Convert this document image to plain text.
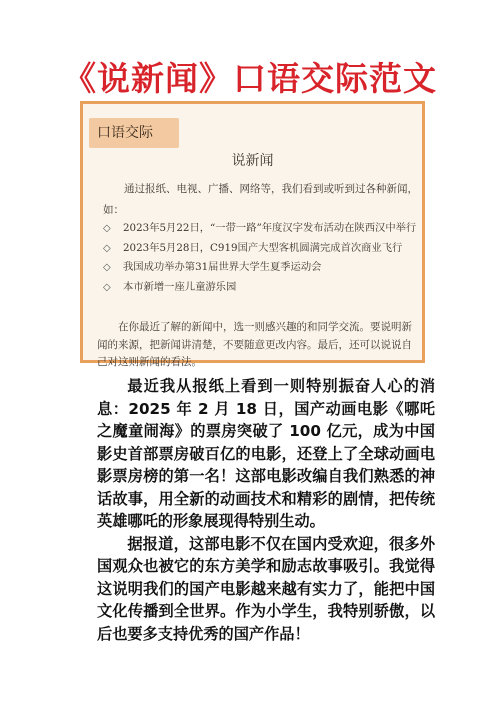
《说新闻》口语交际范文
口语交际
说新闻
通过报纸、电视、广播、网络等，我们看到或听到过各种新闻，如：
◇ 2023年5月22日，“一带一路”年度汉字发布活动在陕西汉中举行
◇ 2023年5月28日，C919国产大型客机圆满完成首次商业飞行
◇ 我国成功举办第31届世界大学生夏季运动会
◇ 本市新增一座儿童游乐园
在你最近了解的新闻中，选一则感兴趣的和同学交流。要说明新闻的来源，把新闻讲清楚，不要随意更改内容。最后，还可以说说自己对这则新闻的看法。

最近我从报纸上看到一则特别振奋人心的消息：2025 年 2 月 18 日，国产动画电影《哪吒之魔童闹海》的票房突破了 100 亿元，成为中国影史首部票房破百亿的电影，还登上了全球动画电影票房榜的第一名！这部电影改编自我们熟悉的神话故事，用全新的动画技术和精彩的剧情，把传统英雄哪吒的形象展现得特别生动。

据报道，这部电影不仅在国内受欢迎，很多外国观众也被它的东方美学和励志故事吸引。我觉得这说明我们的国产电影越来越有实力了，能把中国文化传播到全世界。作为小学生，我特别骄傲，以后也要多支持优秀的国产作品！
